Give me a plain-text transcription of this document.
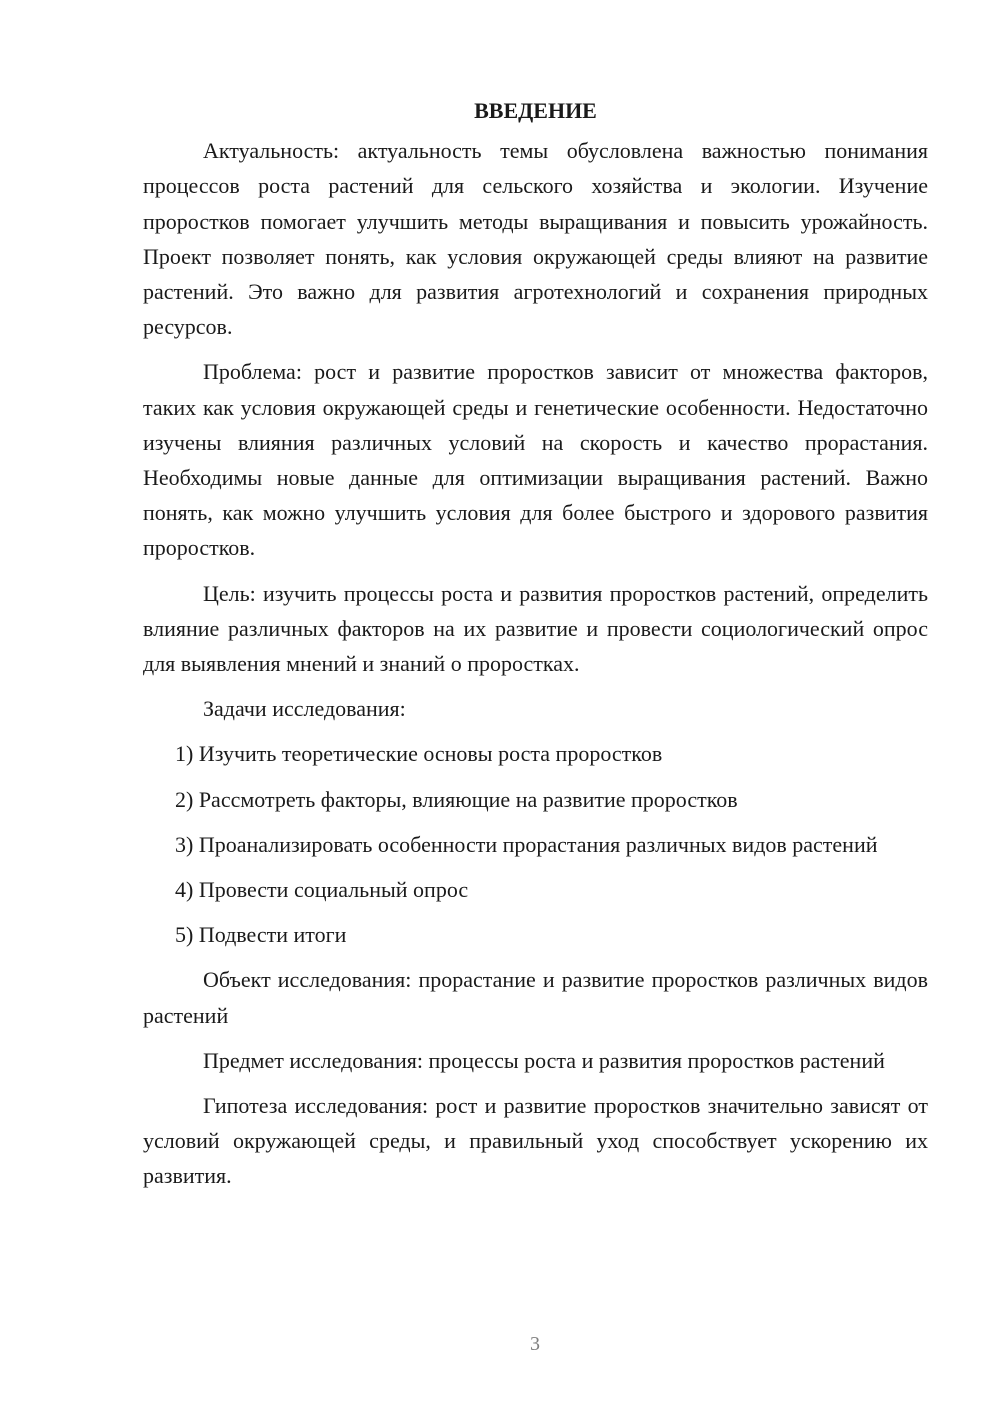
ВВЕДЕНИЕ

Актуальность: актуальность темы обусловлена важностью понимания процессов роста растений для сельского хозяйства и экологии. Изучение проростков помогает улучшить методы выращивания и повысить урожайность. Проект позволяет понять, как условия окружающей среды влияют на развитие растений. Это важно для развития агротехнологий и сохранения природных ресурсов.

Проблема: рост и развитие проростков зависит от множества факторов, таких как условия окружающей среды и генетические особенности. Недостаточно изучены влияния различных условий на скорость и качество прорастания. Необходимы новые данные для оптимизации выращивания растений. Важно понять, как можно улучшить условия для более быстрого и здорового развития проростков.

Цель: изучить процессы роста и развития проростков растений, определить влияние различных факторов на их развитие и провести социологический опрос для выявления мнений и знаний о проростках.

Задачи исследования:

1) Изучить теоретические основы роста проростков

2) Рассмотреть факторы, влияющие на развитие проростков

3) Проанализировать особенности прорастания различных видов растений

4) Провести социальный опрос

5) Подвести итоги

Объект исследования: прорастание и развитие проростков различных видов растений

Предмет исследования: процессы роста и развития проростков растений

Гипотеза исследования: рост и развитие проростков значительно зависят от условий окружающей среды, и правильный уход способствует ускорению их развития.

3
